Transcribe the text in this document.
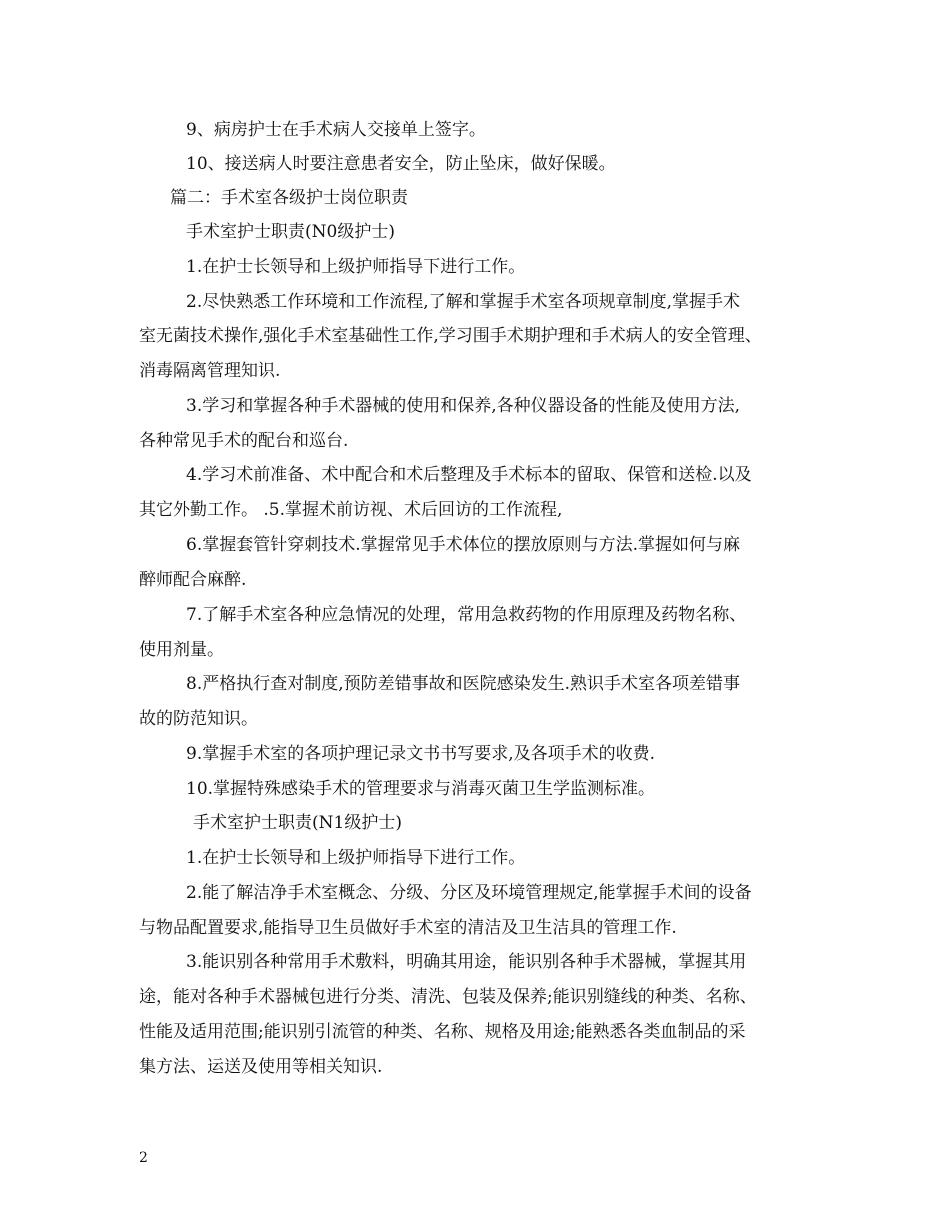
9、病房护士在手术病人交接单上签字。
10、接送病人时要注意患者安全，防止坠床，做好保暖。
篇二：手术室各级护士岗位职责
手术室护士职责(N0级护士)
1.在护士长领导和上级护师指导下进行工作。
2.尽快熟悉工作环境和工作流程,了解和掌握手术室各项规章制度,掌握手术
室无菌技术操作,强化手术室基础性工作,学习围手术期护理和手术病人的安全管理、
消毒隔离管理知识.
3.学习和掌握各种手术器械的使用和保养,各种仪器设备的性能及使用方法,
各种常见手术的配台和巡台.
4.学习术前准备、术中配合和术后整理及手术标本的留取、保管和送检.以及
其它外勤工作。 .5.掌握术前访视、术后回访的工作流程,
6.掌握套管针穿刺技术.掌握常见手术体位的摆放原则与方法.掌握如何与麻
醉师配合麻醉.
7.了解手术室各种应急情况的处理，常用急救药物的作用原理及药物名称、
使用剂量。
8.严格执行查对制度,预防差错事故和医院感染发生.熟识手术室各项差错事
故的防范知识。
9.掌握手术室的各项护理记录文书书写要求,及各项手术的收费.
10.掌握特殊感染手术的管理要求与消毒灭菌卫生学监测标准。
手术室护士职责(N1级护士)
1.在护士长领导和上级护师指导下进行工作。
2.能了解洁净手术室概念、分级、分区及环境管理规定,能掌握手术间的设备
与物品配置要求,能指导卫生员做好手术室的清洁及卫生洁具的管理工作.
3.能识别各种常用手术敷料，明确其用途，能识别各种手术器械，掌握其用
途，能对各种手术器械包进行分类、清洗、包装及保养;能识别缝线的种类、名称、
性能及适用范围;能识别引流管的种类、名称、规格及用途;能熟悉各类血制品的采
集方法、运送及使用等相关知识.
2
